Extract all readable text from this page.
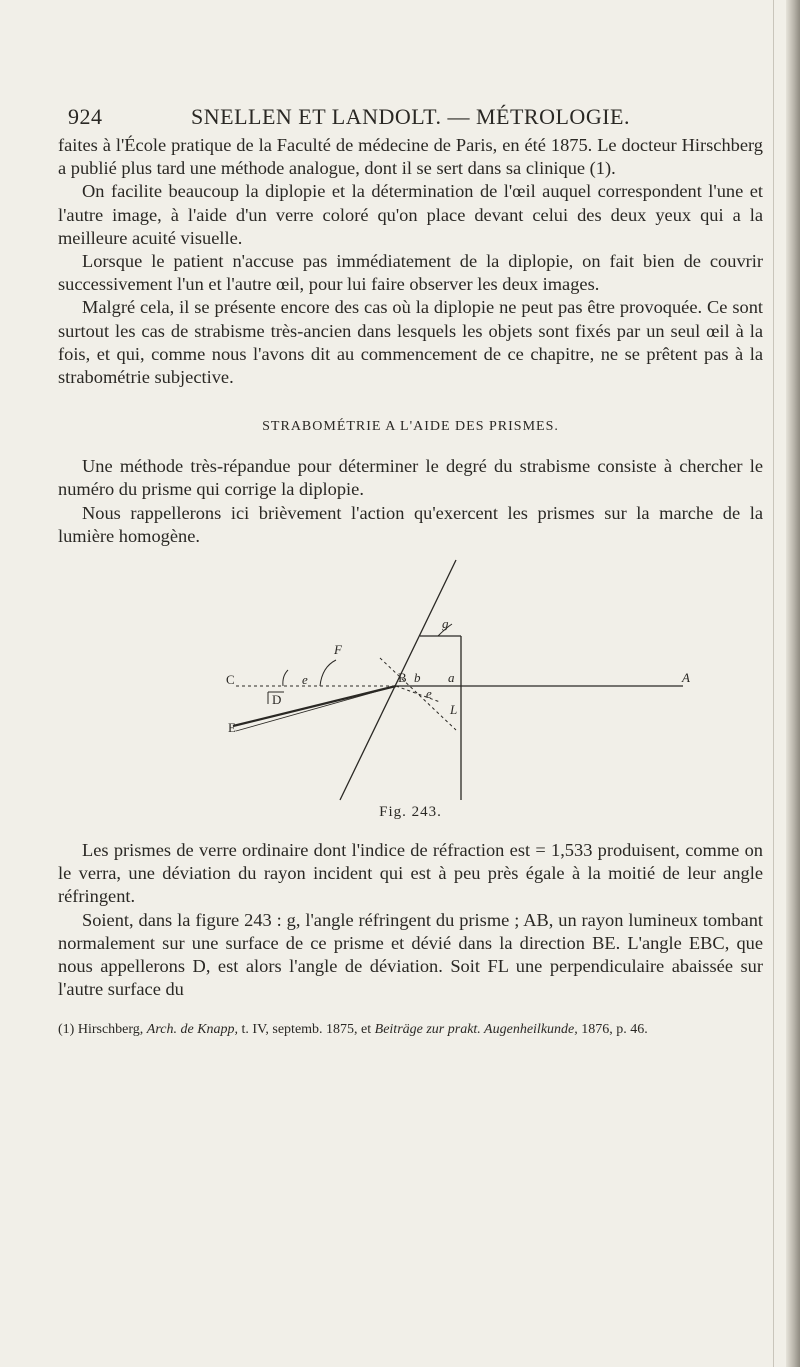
924	SNELLEN ET LANDOLT. — MÉTROLOGIE.

faites à l'École pratique de la Faculté de médecine de Paris, en été 1875. Le docteur Hirschberg a publié plus tard une méthode analogue, dont il se sert dans sa clinique (1).

On facilite beaucoup la diplopie et la détermination de l'œil auquel correspondent l'une et l'autre image, à l'aide d'un verre coloré qu'on place devant celui des deux yeux qui a la meilleure acuité visuelle.

Lorsque le patient n'accuse pas immédiatement de la diplopie, on fait bien de couvrir successivement l'un et l'autre œil, pour lui faire observer les deux images.

Malgré cela, il se présente encore des cas où la diplopie ne peut pas être provoquée. Ce sont surtout les cas de strabisme très-ancien dans lesquels les objets sont fixés par un seul œil à la fois, et qui, comme nous l'avons dit au commencement de ce chapitre, ne se prêtent pas à la strabométrie subjective.

STRABOMÉTRIE A L'AIDE DES PRISMES.

Une méthode très-répandue pour déterminer le degré du strabisme consiste à chercher le numéro du prisme qui corrige la diplopie.

Nous rappellerons ici brièvement l'action qu'exercent les prismes sur la marche de la lumière homogène.

C
E
D
e
F
B b a	A
e
L
g
Fig. 243.

Les prismes de verre ordinaire dont l'indice de réfraction est = 1,533 produisent, comme on le verra, une déviation du rayon incident qui est à peu près égale à la moitié de leur angle réfringent.

Soient, dans la figure 243 : g, l'angle réfringent du prisme ; AB, un rayon lumineux tombant normalement sur une surface de ce prisme et dévié dans la direction BE. L'angle EBC, que nous appellerons D, est alors l'angle de déviation. Soit FL une perpendiculaire abaissée sur l'autre surface du

(1) Hirschberg, Arch. de Knapp, t. IV, septemb. 1875, et Beiträge zur prakt. Augenheilkunde, 1876, p. 46.
